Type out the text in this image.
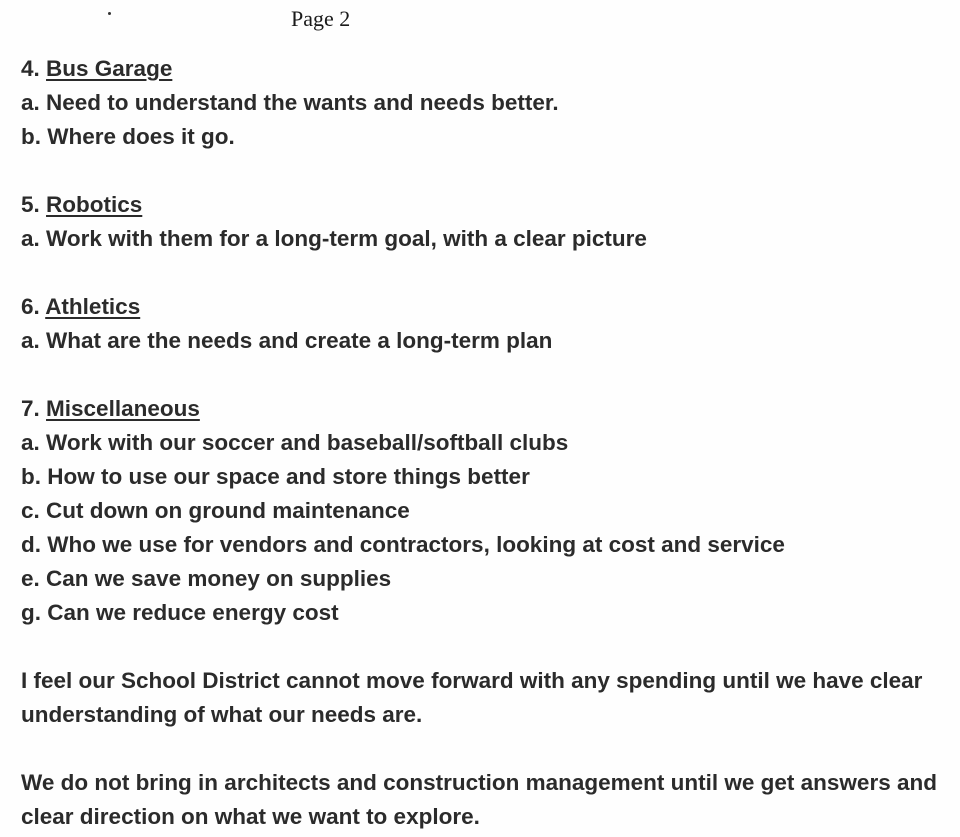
Page 2
4. Bus Garage
a. Need to understand the wants and needs better.
b. Where does it go.
5. Robotics
a. Work with them for a long-term goal, with a clear picture
6. Athletics
a. What are the needs and create a long-term plan
7. Miscellaneous
a. Work with our soccer and baseball/softball clubs
b. How to use our space and store things better
c. Cut down on ground maintenance
d. Who we use for vendors and contractors, looking at cost and service
e. Can we save money on supplies
g. Can we reduce energy cost
I feel our School District cannot move forward with any spending until we have clear understanding of what our needs are.
We do not bring in architects and construction management until we get answers and clear direction on what we want to explore.
